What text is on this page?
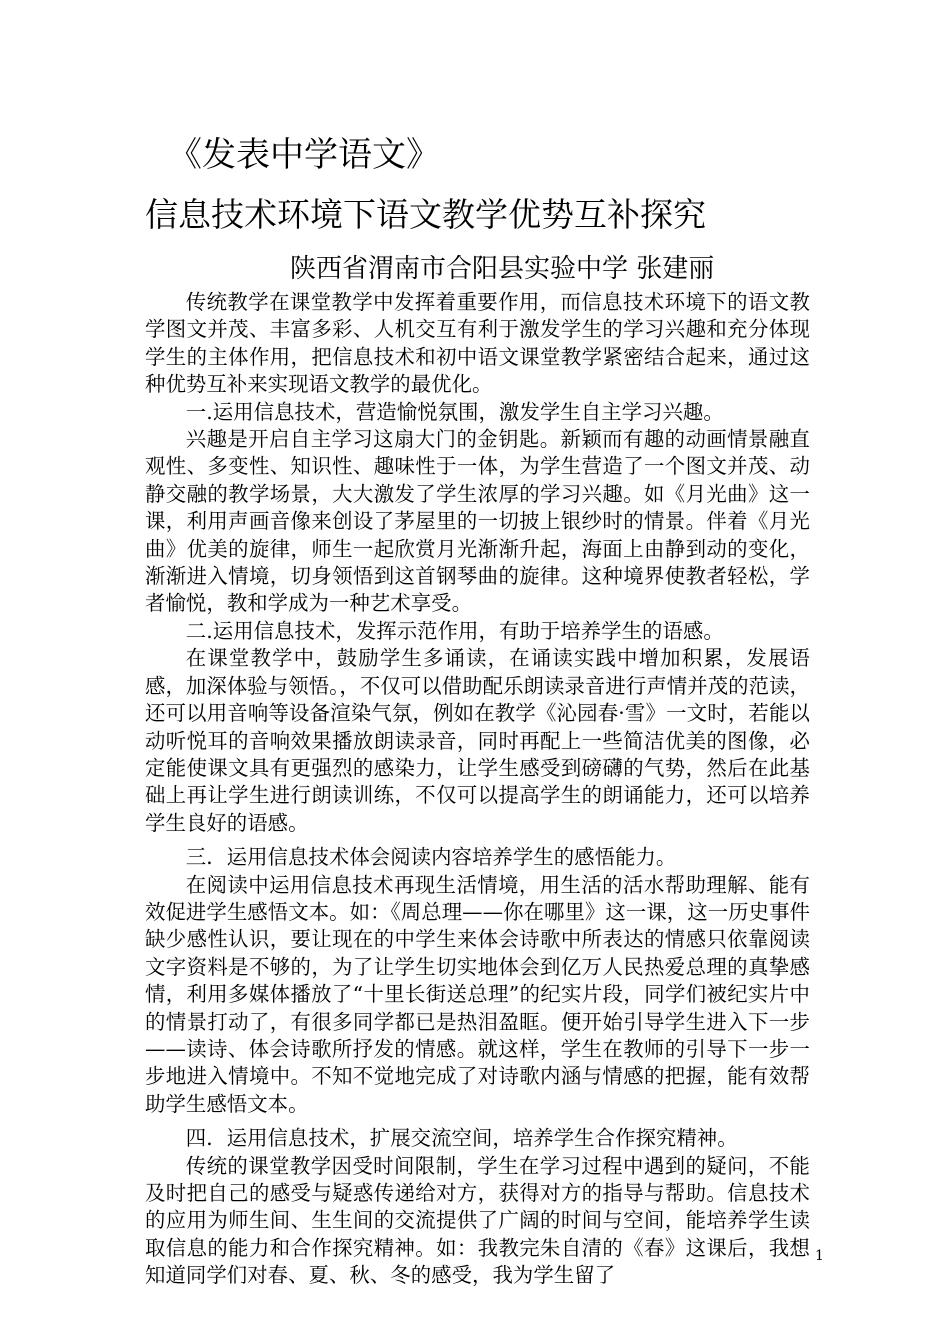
《发表中学语文》
信息技术环境下语文教学优势互补探究
陕西省渭南市合阳县实验中学 张建丽

传统教学在课堂教学中发挥着重要作用，而信息技术环境下的语文教学图文并茂、丰富多彩、人机交互有利于激发学生的学习兴趣和充分体现学生的主体作用，把信息技术和初中语文课堂教学紧密结合起来，通过这种优势互补来实现语文教学的最优化。

一.运用信息技术，营造愉悦氛围，激发学生自主学习兴趣。

兴趣是开启自主学习这扇大门的金钥匙。新颖而有趣的动画情景融直观性、多变性、知识性、趣味性于一体，为学生营造了一个图文并茂、动静交融的教学场景，大大激发了学生浓厚的学习兴趣。如《月光曲》这一课，利用声画音像来创设了茅屋里的一切披上银纱时的情景。伴着《月光曲》优美的旋律，师生一起欣赏月光渐渐升起，海面上由静到动的变化，渐渐进入情境，切身领悟到这首钢琴曲的旋律。这种境界使教者轻松，学者愉悦，教和学成为一种艺术享受。

二.运用信息技术，发挥示范作用，有助于培养学生的语感。

在课堂教学中，鼓励学生多诵读，在诵读实践中增加积累，发展语感，加深体验与领悟。，不仅可以借助配乐朗读录音进行声情并茂的范读，还可以用音响等设备渲染气氛，例如在教学《沁园春·雪》一文时，若能以动听悦耳的音响效果播放朗读录音，同时再配上一些简洁优美的图像，必定能使课文具有更强烈的感染力，让学生感受到磅礴的气势，然后在此基础上再让学生进行朗读训练，不仅可以提高学生的朗诵能力，还可以培养学生良好的语感。

三．运用信息技术体会阅读内容培养学生的感悟能力。

在阅读中运用信息技术再现生活情境，用生活的活水帮助理解、能有效促进学生感悟文本。如：《周总理——你在哪里》这一课，这一历史事件缺少感性认识，要让现在的中学生来体会诗歌中所表达的情感只依靠阅读文字资料是不够的，为了让学生切实地体会到亿万人民热爱总理的真挚感情，利用多媒体播放了“十里长街送总理”的纪实片段，同学们被纪实片中的情景打动了，有很多同学都已是热泪盈眶。便开始引导学生进入下一步——读诗、体会诗歌所抒发的情感。就这样，学生在教师的引导下一步一步地进入情境中。不知不觉地完成了对诗歌内涵与情感的把握，能有效帮助学生感悟文本。

四．运用信息技术，扩展交流空间，培养学生合作探究精神。

传统的课堂教学因受时间限制，学生在学习过程中遇到的疑问，不能及时把自己的感受与疑惑传递给对方，获得对方的指导与帮助。信息技术的应用为师生间、生生间的交流提供了广阔的时间与空间，能培养学生读取信息的能力和合作探究精神。如：我教完朱自清的《春》这课后，我想知道同学们对春、夏、秋、冬的感受，我为学生留了

1
